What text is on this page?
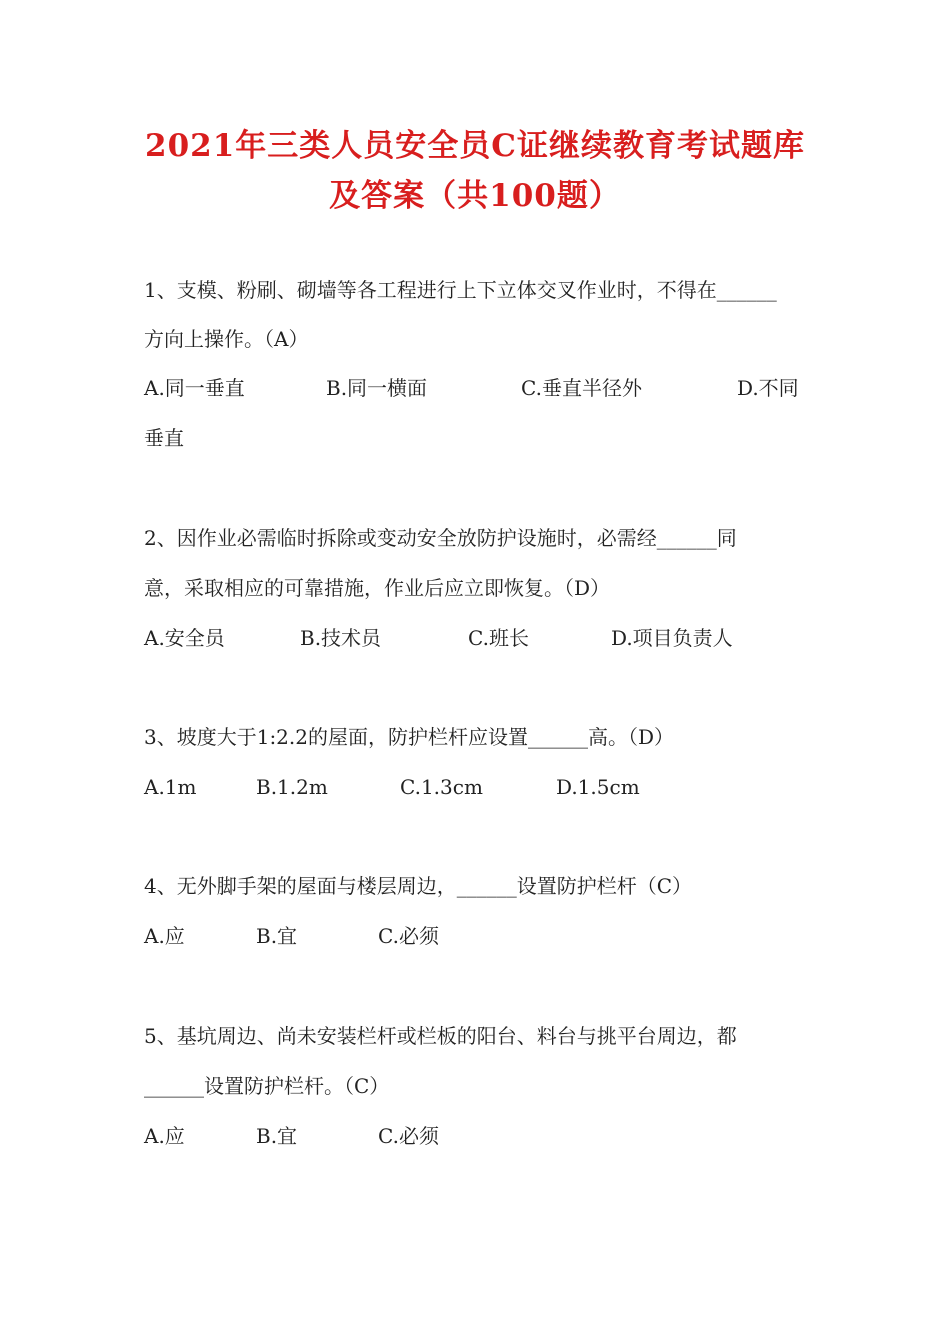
2021年三类人员安全员C证继续教育考试题库
及答案（共100题）
1、支模、粉刷、砌墙等各工程进行上下立体交叉作业时，不得在______
方向上操作。（A）
A.同一垂直	B.同一横面	C.垂直半径外	D.不同
垂直
2、因作业必需临时拆除或变动安全放防护设施时，必需经______同
意，采取相应的可靠措施，作业后应立即恢复。（D）
A.安全员	B.技术员	C.班长	D.项目负责人
3、坡度大于1:2.2的屋面，防护栏杆应设置______高。（D）
A.1m	B.1.2m	C.1.3cm	D.1.5cm
4、无外脚手架的屋面与楼层周边，______设置防护栏杆（C）
A.应	B.宜	C.必须
5、基坑周边、尚未安装栏杆或栏板的阳台、料台与挑平台周边，都
______设置防护栏杆。（C）
A.应	B.宜	C.必须
